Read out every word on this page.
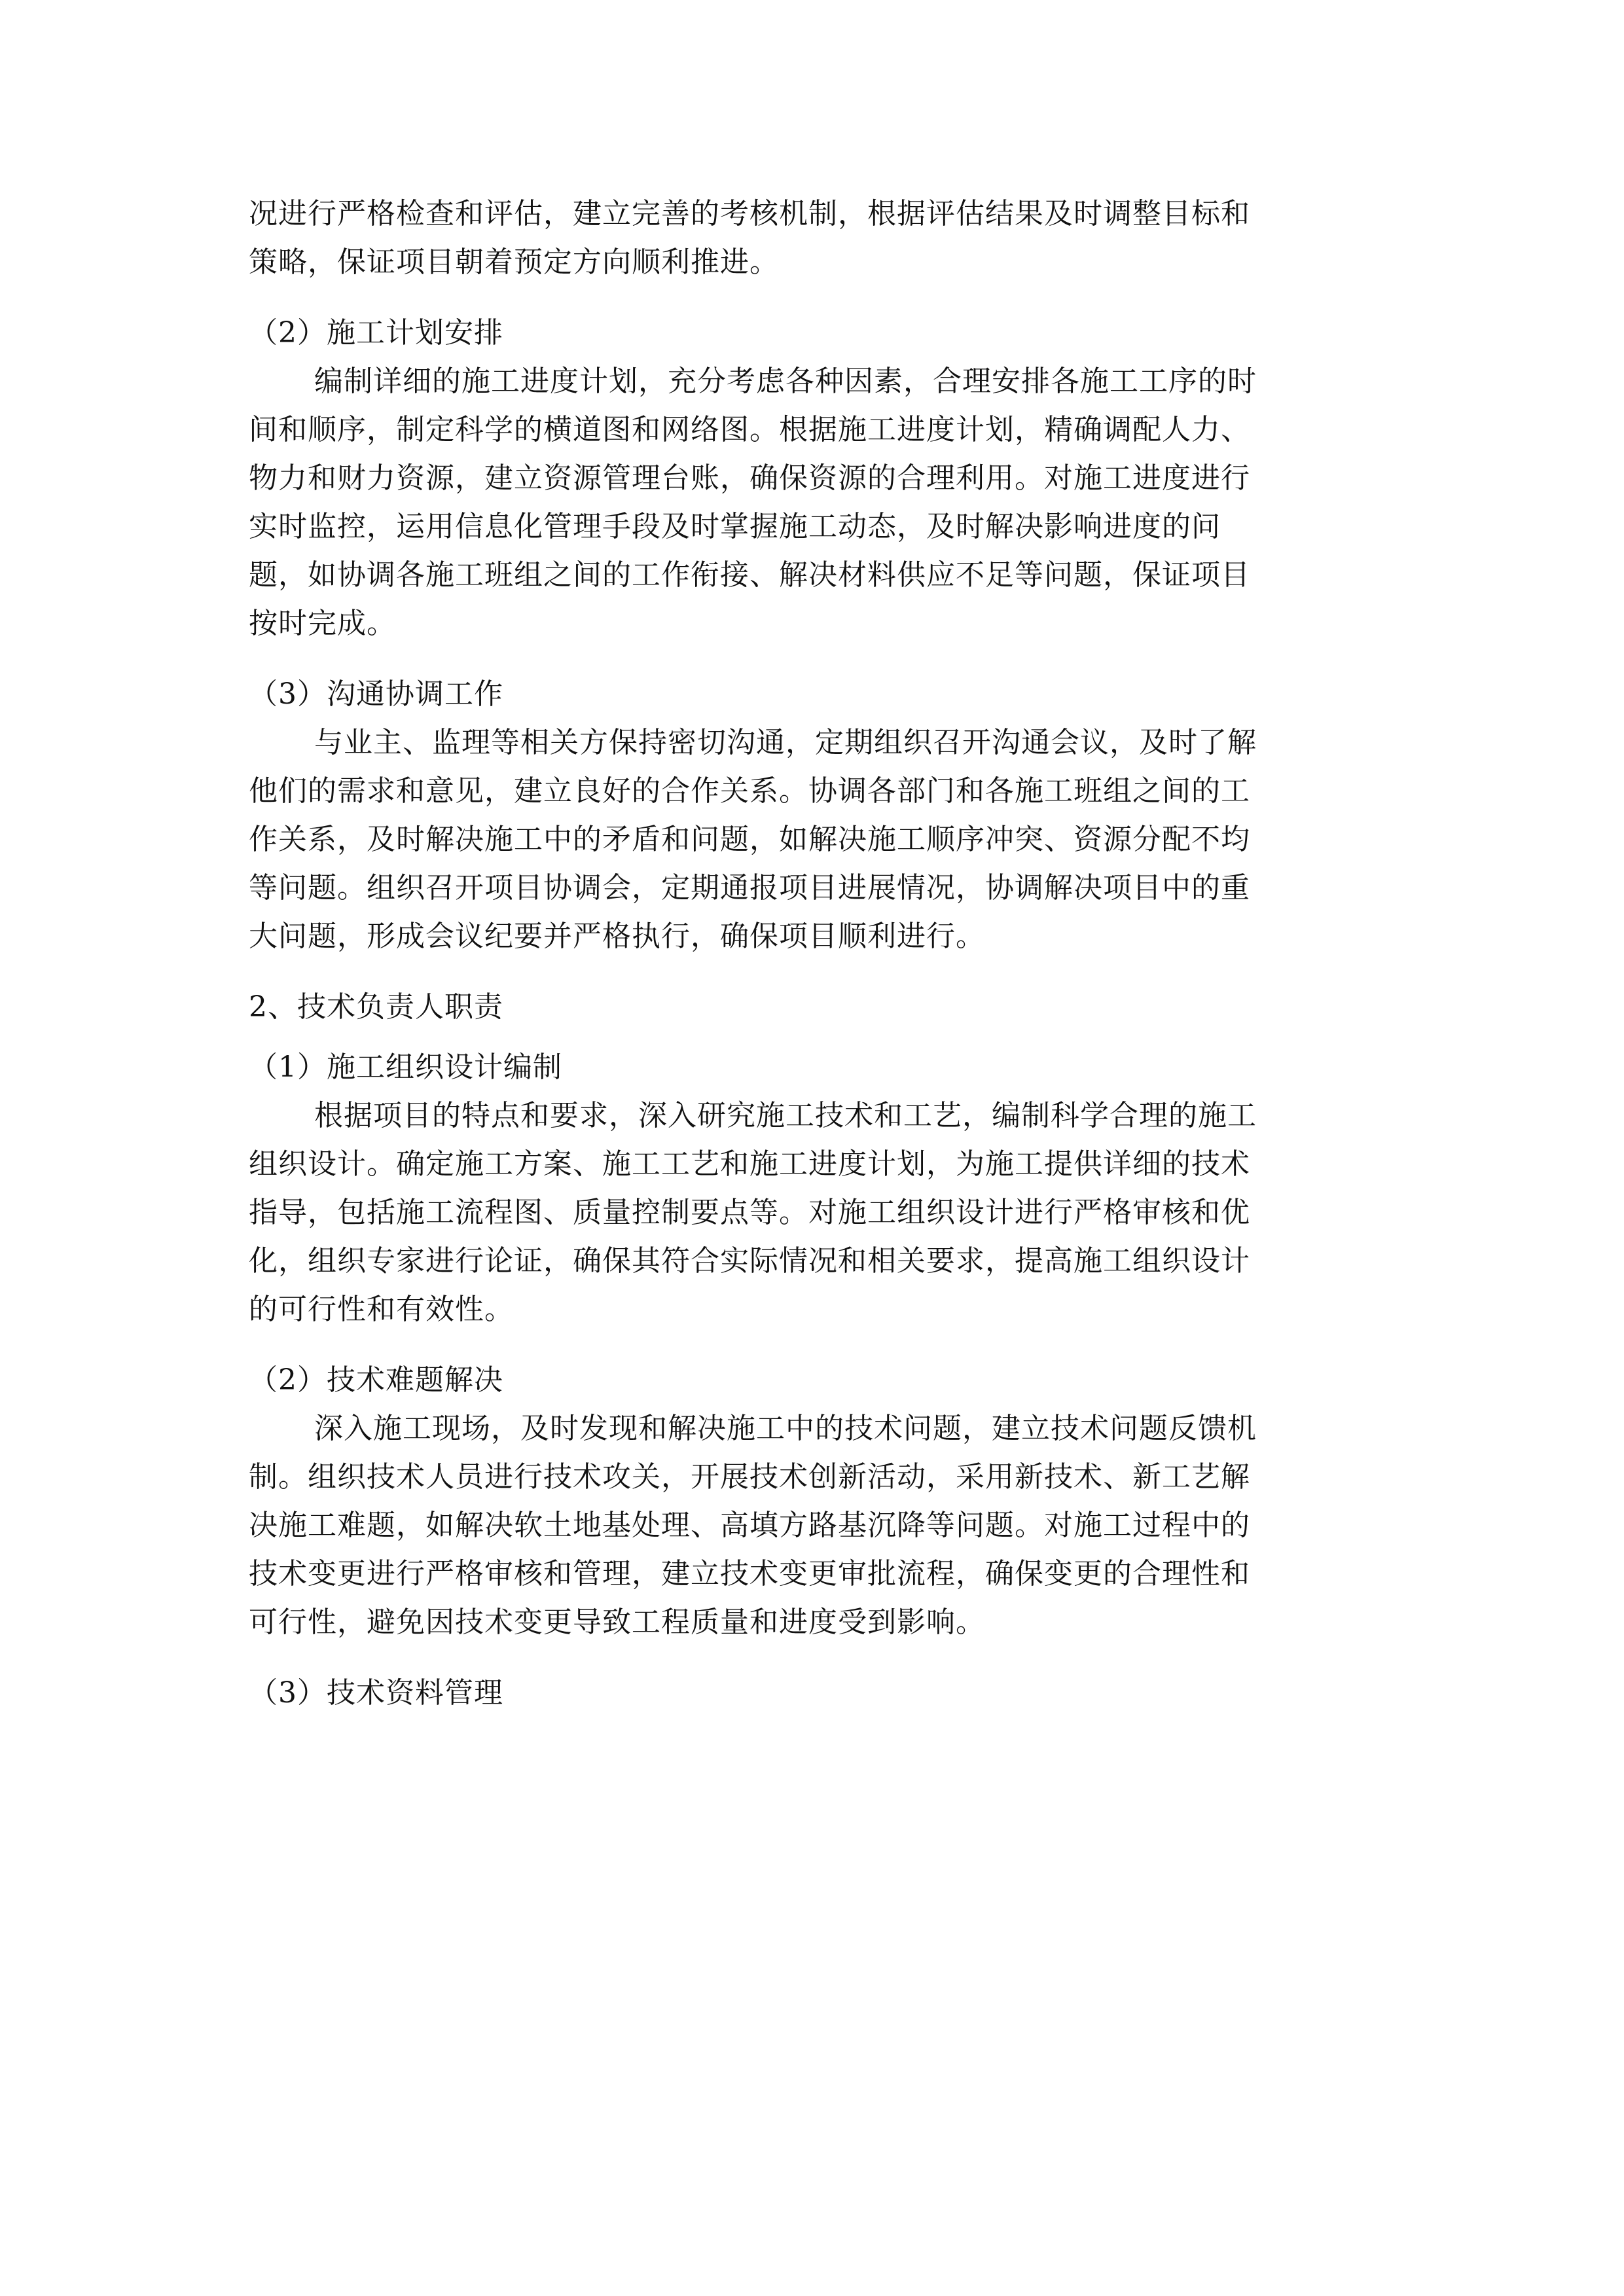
况进行严格检查和评估，建立完善的考核机制，根据评估结果及时调整目标和
策略，保证项目朝着预定方向顺利推进。
（2）施工计划安排
编制详细的施工进度计划，充分考虑各种因素，合理安排各施工工序的时
间和顺序，制定科学的横道图和网络图。根据施工进度计划，精确调配人力、
物力和财力资源，建立资源管理台账，确保资源的合理利用。对施工进度进行
实时监控，运用信息化管理手段及时掌握施工动态，及时解决影响进度的问
题，如协调各施工班组之间的工作衔接、解决材料供应不足等问题，保证项目
按时完成。
（3）沟通协调工作
与业主、监理等相关方保持密切沟通，定期组织召开沟通会议，及时了解
他们的需求和意见，建立良好的合作关系。协调各部门和各施工班组之间的工
作关系，及时解决施工中的矛盾和问题，如解决施工顺序冲突、资源分配不均
等问题。组织召开项目协调会，定期通报项目进展情况，协调解决项目中的重
大问题，形成会议纪要并严格执行，确保项目顺利进行。
2、技术负责人职责
（1）施工组织设计编制
根据项目的特点和要求，深入研究施工技术和工艺，编制科学合理的施工
组织设计。确定施工方案、施工工艺和施工进度计划，为施工提供详细的技术
指导，包括施工流程图、质量控制要点等。对施工组织设计进行严格审核和优
化，组织专家进行论证，确保其符合实际情况和相关要求，提高施工组织设计
的可行性和有效性。
（2）技术难题解决
深入施工现场，及时发现和解决施工中的技术问题，建立技术问题反馈机
制。组织技术人员进行技术攻关，开展技术创新活动，采用新技术、新工艺解
决施工难题，如解决软土地基处理、高填方路基沉降等问题。对施工过程中的
技术变更进行严格审核和管理，建立技术变更审批流程，确保变更的合理性和
可行性，避免因技术变更导致工程质量和进度受到影响。
（3）技术资料管理
